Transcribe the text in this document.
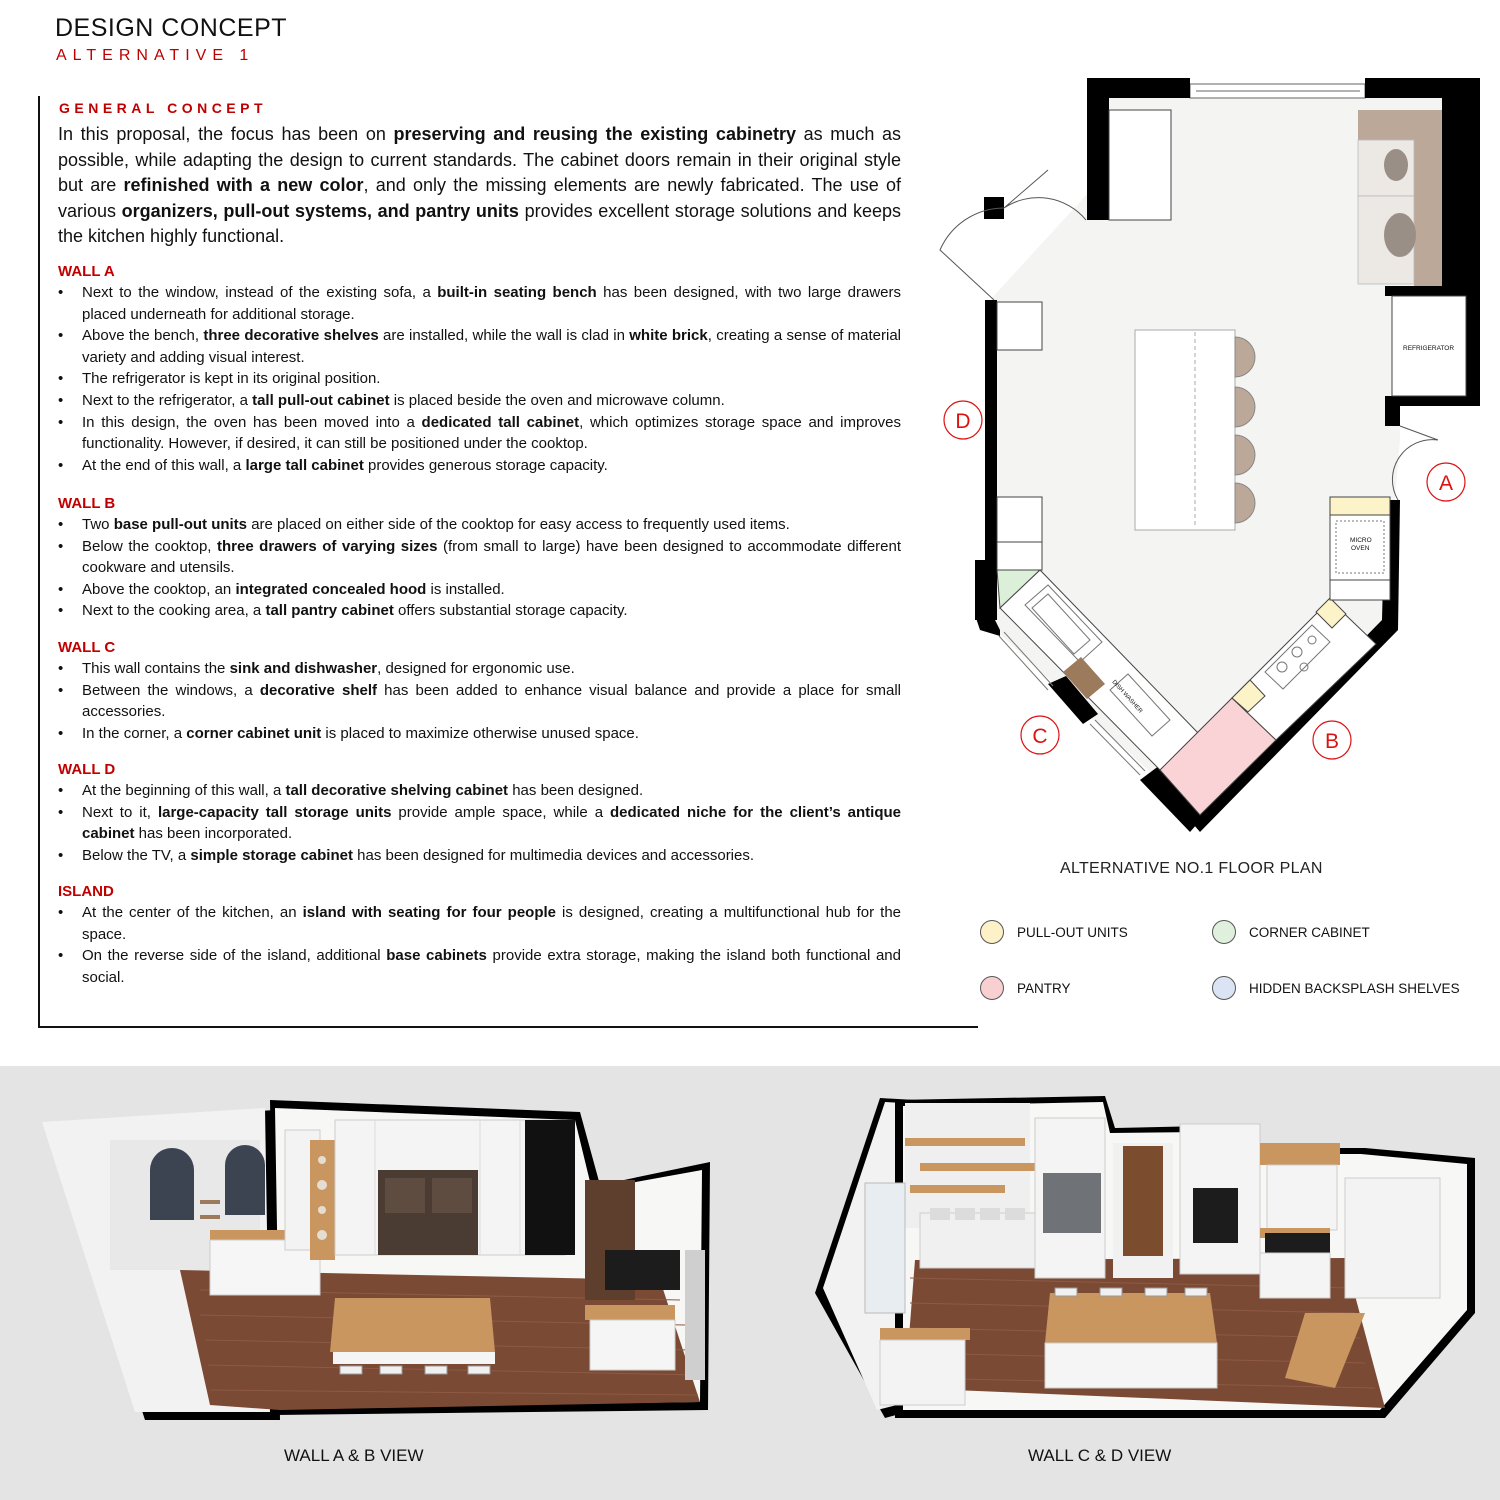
DESIGN CONCEPT
ALTERNATIVE 1
GENERAL CONCEPT
In this proposal, the focus has been on preserving and reusing the existing cabinetry as much as possible, while adapting the design to current standards. The cabinet doors remain in their original style but are refinished with a new color, and only the missing elements are newly fabricated. The use of various organizers, pull-out systems, and pantry units provides excellent storage solutions and keeps the kitchen highly functional.
WALL A
• Next to the window, instead of the existing sofa, a built-in seating bench has been designed, with two large drawers placed underneath for additional storage.
• Above the bench, three decorative shelves are installed, while the wall is clad in white brick, creating a sense of material variety and adding visual interest.
• The refrigerator is kept in its original position.
• Next to the refrigerator, a tall pull-out cabinet is placed beside the oven and microwave column.
• In this design, the oven has been moved into a dedicated tall cabinet, which optimizes storage space and improves functionality. However, if desired, it can still be positioned under the cooktop.
• At the end of this wall, a large tall cabinet provides generous storage capacity.
WALL B
• Two base pull-out units are placed on either side of the cooktop for easy access to frequently used items.
• Below the cooktop, three drawers of varying sizes (from small to large) have been designed to accommodate different cookware and utensils.
• Above the cooktop, an integrated concealed hood is installed.
• Next to the cooking area, a tall pantry cabinet offers substantial storage capacity.
WALL C
• This wall contains the sink and dishwasher, designed for ergonomic use.
• Between the windows, a decorative shelf has been added to enhance visual balance and provide a place for small accessories.
• In the corner, a corner cabinet unit is placed to maximize otherwise unused space.
WALL D
• At the beginning of this wall, a tall decorative shelving cabinet has been designed.
• Next to it, large-capacity tall storage units provide ample space, while a dedicated niche for the client’s antique cabinet has been incorporated.
• Below the TV, a simple storage cabinet has been designed for multimedia devices and accessories.
ISLAND
• At the center of the kitchen, an island with seating for four people is designed, creating a multifunctional hub for the space.
• On the reverse side of the island, additional base cabinets provide extra storage, making the island both functional and social.
REFRIGERATOR
DISH WASHER
MICRO
OVEN
D
A
C	B
ALTERNATIVE NO.1 FLOOR PLAN
PULL-OUT UNITS	CORNER CABINET
PANTRY	HIDDEN BACKSPLASH SHELVES
WALL A & B VIEW	WALL C & D VIEW
